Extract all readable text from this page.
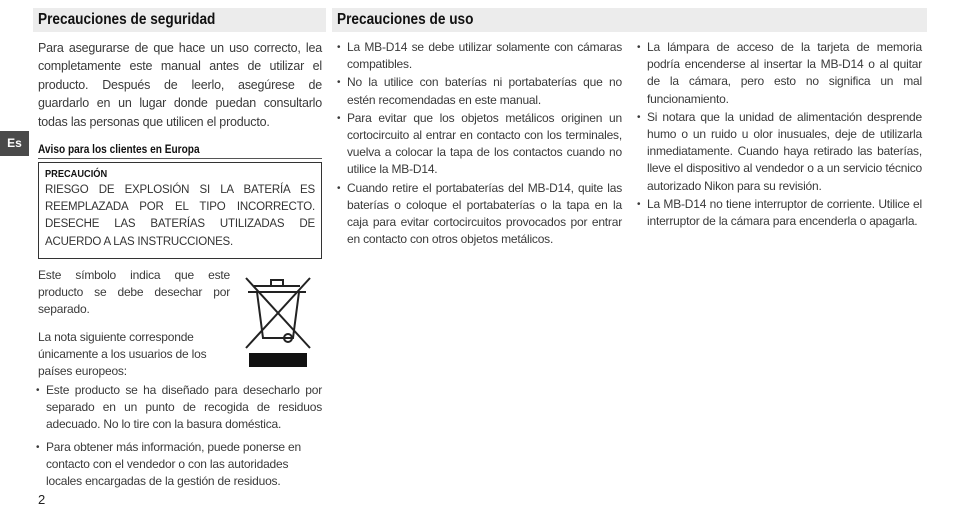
Precauciones de seguridad	Precauciones de uso
Es
Para asegurarse de que hace un uso correcto, lea completamente este manual antes de utilizar el producto. Después de leerlo, asegúrese de guardarlo en un lugar donde puedan consultarlo todas las personas que utilicen el producto.
Aviso para los clientes en Europa
PRECAUCIÓN
RIESGO DE EXPLOSIÓN SI LA BATERÍA ES REEMPLAZADA POR EL TIPO INCORRECTO. DESECHE LAS BATERÍAS UTILIZADAS DE ACUERDO A LAS INSTRUCCIONES.
Este símbolo indica que este producto se debe desechar por separado.
La nota siguiente corresponde únicamente a los usuarios de los países europeos:
• Este producto se ha diseñado para desecharlo por separado en un punto de recogida de residuos adecuado. No lo tire con la basura doméstica.
• Para obtener más información, puede ponerse en contacto con el vendedor o con las autoridades locales encargadas de la gestión de residuos.
• La MB-D14 se debe utilizar solamente con cámaras compatibles.
• No la utilice con baterías ni portabaterías que no estén recomendadas en este manual.
• Para evitar que los objetos metálicos originen un cortocircuito al entrar en contacto con los terminales, vuelva a colocar la tapa de los contactos cuando no utilice la MB-D14.
• Cuando retire el portabaterías del MB-D14, quite las baterías o coloque el portabaterías o la tapa en la caja para evitar cortocircuitos provocados por entrar en contacto con otros objetos metálicos.
• La lámpara de acceso de la tarjeta de memoria podría encenderse al insertar la MB-D14 o al quitar de la cámara, pero esto no significa un mal funcionamiento.
• Si notara que la unidad de alimentación desprende humo o un ruido u olor inusuales, deje de utilizarla inmediatamente. Cuando haya retirado las baterías, lleve el dispositivo al vendedor o a un servicio técnico autorizado Nikon para su revisión.
• La MB-D14 no tiene interruptor de corriente. Utilice el interruptor de la cámara para encenderla o apagarla.
2
